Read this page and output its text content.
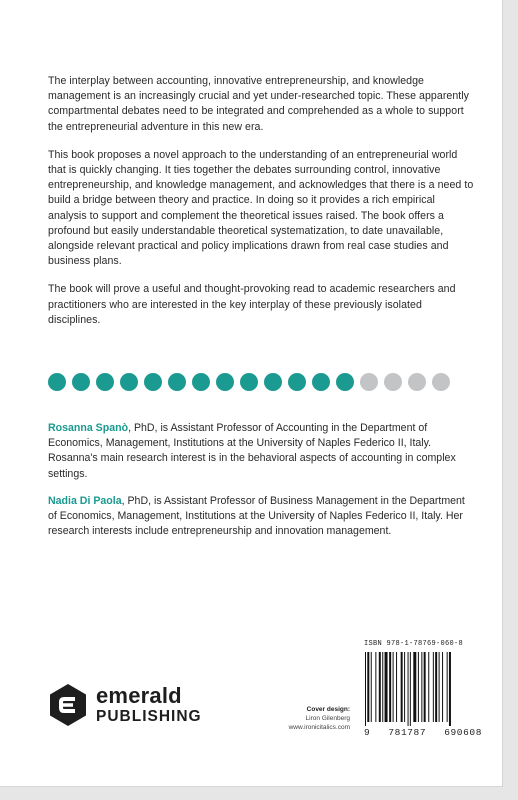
The interplay between accounting, innovative entrepreneurship, and knowledge management is an increasingly crucial and yet under-researched topic. These apparently compartmental debates need to be integrated and comprehended as a whole to support the entrepreneurial adventure in this new era.

This book proposes a novel approach to the understanding of an entrepreneurial world that is quickly changing. It ties together the debates surrounding control, innovative entrepreneurship, and knowledge management, and acknowledges that there is a need to build a bridge between theory and practice. In doing so it provides a rich empirical analysis to support and complement the theoretical issues raised. The book offers a profound but easily understandable theoretical systematization, to date unavailable, alongside relevant practical and policy implications drawn from real case studies and business plans.

The book will prove a useful and thought-provoking read to academic researchers and practitioners who are interested in the key interplay of these previously isolated disciplines.

Rosanna Spanò, PhD, is Assistant Professor of Accounting in the Department of Economics, Management, Institutions at the University of Naples Federico II, Italy. Rosanna's main research interest is in the behavioral aspects of accounting in complex settings.

Nadia Di Paola, PhD, is Assistant Professor of Business Management in the Department of Economics, Management, Institutions at the University of Naples Federico II, Italy. Her research interests include entrepreneurship and innovation management.

emerald
PUBLISHING	Cover design:
Liron Gilenberg
www.ironicitalics.com
ISBN 978-1-78769-060-8
9 781787 690608
